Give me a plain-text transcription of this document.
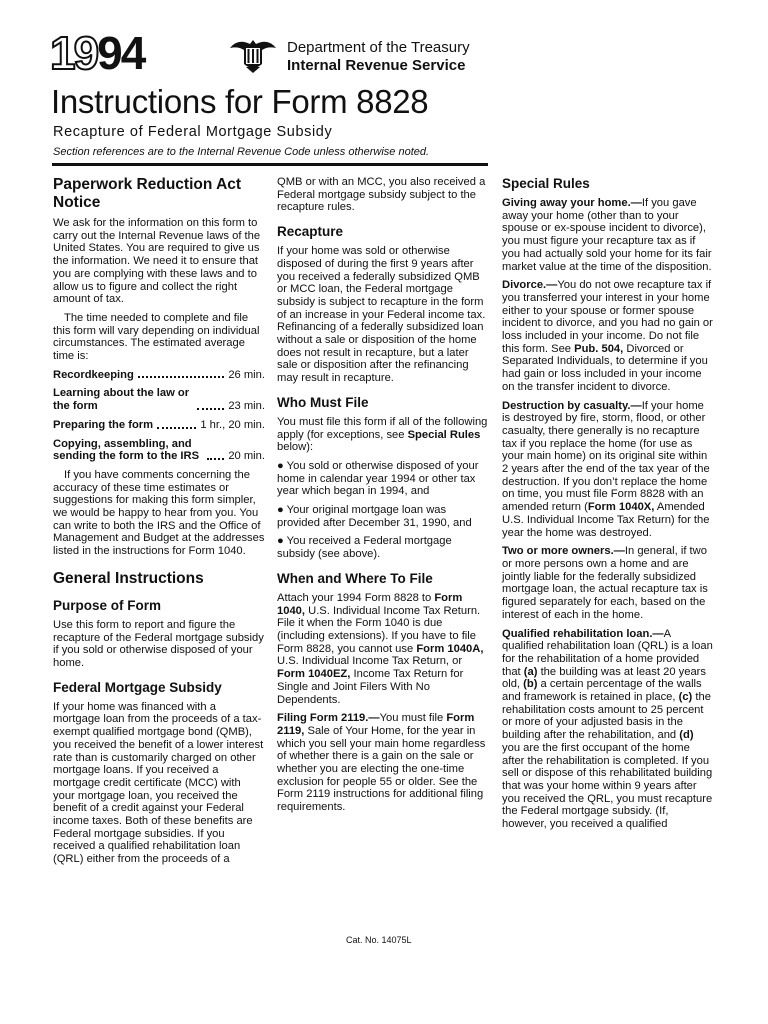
1994	Department of the Treasury
Internal Revenue Service
Instructions for Form 8828
Recapture of Federal Mortgage Subsidy
Section references are to the Internal Revenue Code unless otherwise noted.
Paperwork Reduction Act Notice

We ask for the information on this form to carry out the Internal Revenue laws of the United States. You are required to give us the information. We need it to ensure that you are complying with these laws and to allow us to figure and collect the right amount of tax.

The time needed to complete and file this form will vary depending on individual circumstances. The estimated average time is:

Recordkeeping	26 min.
Learning about the law or the form	23 min.
Preparing the form	1 hr., 20 min.
Copying, assembling, and sending the form to the IRS	20 min.

If you have comments concerning the accuracy of these time estimates or suggestions for making this form simpler, we would be happy to hear from you. You can write to both the IRS and the Office of Management and Budget at the addresses listed in the instructions for Form 1040.

General Instructions
Purpose of Form

Use this form to report and figure the recapture of the Federal mortgage subsidy if you sold or otherwise disposed of your home.

Federal Mortgage Subsidy

If your home was financed with a mortgage loan from the proceeds of a tax-exempt qualified mortgage bond (QMB), you received the benefit of a lower interest rate than is customarily charged on other mortgage loans. If you received a mortgage credit certificate (MCC) with your mortgage loan, you received the benefit of a credit against your Federal income taxes. Both of these benefits are Federal mortgage subsidies. If you received a qualified rehabilitation loan (QRL) either from the proceeds of a

QMB or with an MCC, you also received a Federal mortgage subsidy subject to the recapture rules.

Recapture

If your home was sold or otherwise disposed of during the first 9 years after you received a federally subsidized QMB or MCC loan, the Federal mortgage subsidy is subject to recapture in the form of an increase in your Federal income tax. Refinancing of a federally subsidized loan without a sale or disposition of the home does not result in recapture, but a later sale or disposition after the refinancing may result in recapture.

Who Must File

You must file this form if all of the following apply (for exceptions, see Special Rules below):

● You sold or otherwise disposed of your home in calendar year 1994 or other tax year which began in 1994, and

● Your original mortgage loan was provided after December 31, 1990, and

● You received a Federal mortgage subsidy (see above).

When and Where To File

Attach your 1994 Form 8828 to Form 1040, U.S. Individual Income Tax Return. File it when the Form 1040 is due (including extensions). If you have to file Form 8828, you cannot use Form 1040A, U.S. Individual Income Tax Return, or Form 1040EZ, Income Tax Return for Single and Joint Filers With No Dependents.

Filing Form 2119.—You must file Form 2119, Sale of Your Home, for the year in which you sell your main home regardless of whether there is a gain on the sale or whether you are electing the one-time exclusion for people 55 or older. See the Form 2119 instructions for additional filing requirements.

Special Rules

Giving away your home.—If you gave away your home (other than to your spouse or ex-spouse incident to divorce), you must figure your recapture tax as if you had actually sold your home for its fair market value at the time of the disposition.

Divorce.—You do not owe recapture tax if you transferred your interest in your home either to your spouse or former spouse incident to divorce, and you had no gain or loss included in your income. Do not file this form. See Pub. 504, Divorced or Separated Individuals, to determine if you had gain or loss included in your income on the transfer incident to divorce.

Destruction by casualty.—If your home is destroyed by fire, storm, flood, or other casualty, there generally is no recapture tax if you replace the home (for use as your main home) on its original site within 2 years after the end of the tax year of the destruction. If you don’t replace the home on time, you must file Form 8828 with an amended return (Form 1040X, Amended U.S. Individual Income Tax Return) for the year the home was destroyed.

Two or more owners.—In general, if two or more persons own a home and are jointly liable for the federally subsidized mortgage loan, the actual recapture tax is figured separately for each, based on the interest of each in the home.

Qualified rehabilitation loan.—A qualified rehabilitation loan (QRL) is a loan for the rehabilitation of a home provided that (a) the building was at least 20 years old, (b) a certain percentage of the walls and framework is retained in place, (c) the rehabilitation costs amount to 25 percent or more of your adjusted basis in the building after the rehabilitation, and (d) you are the first occupant of the home after the rehabilitation is completed. If you sell or dispose of this rehabilitated building that was your home within 9 years after you received the QRL, you must recapture the Federal mortgage subsidy. (If, however, you received a qualified

Cat. No. 14075L
